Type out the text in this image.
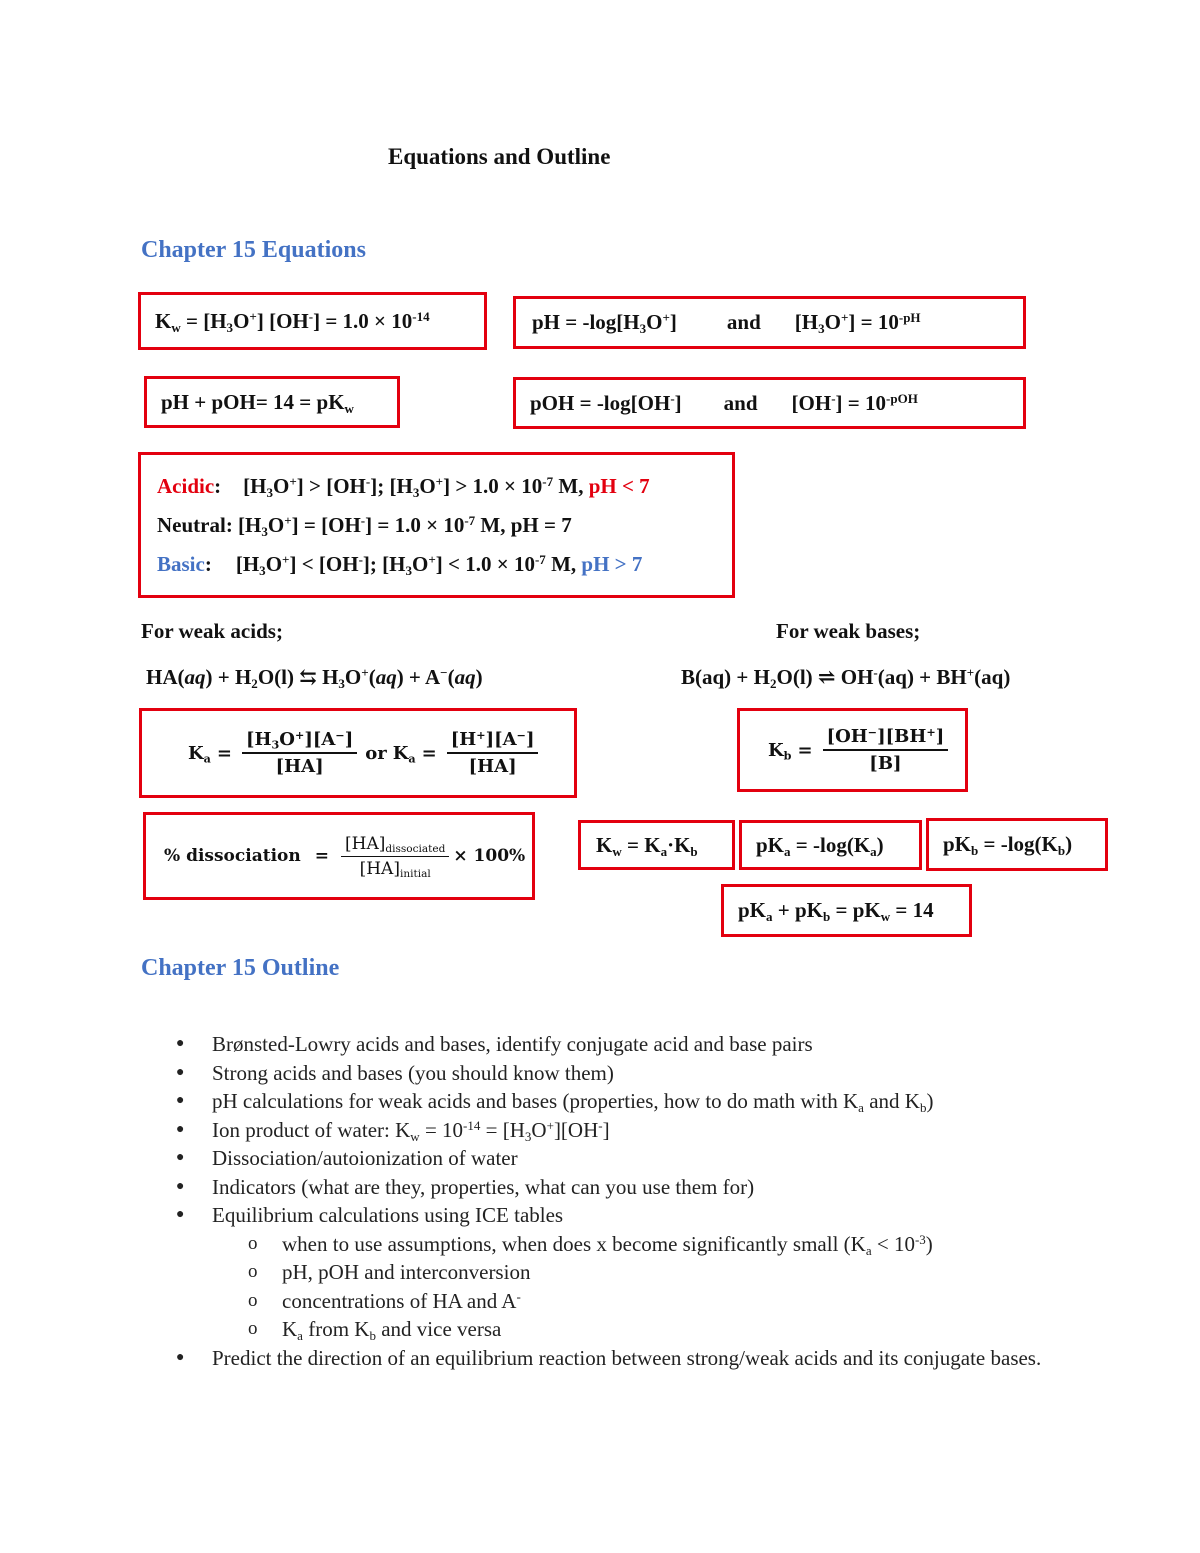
Equations and Outline
Chapter 15 Equations
$K_w = [H_3O^+] [OH^-] = 1.0 \times 10^{-14}$	pH = $-\log[H_3O^+]$ and $[H_3O^+] = 10^{-pH}$
pH + $pOH= 14 = pK_w$	pOH = -log[OH-] and $[OH^-] = 10^{-pOH}$
Acidic: $[H_3O^+] > [OH^-]$; $[H_3O^+] > 1.0 \times 10^{-7}$ M, pH < 7
Neutral: $[H_3O^+] = [OH^-] = 1.0 \times 10^{-7}$ M, pH = 7
Basic: $[H_3O^+] < [OH^-]$; $[H_3O^+] < 1.0 \times 10^{-7}$ M, pH > 7
For weak acids;	For weak bases;
$HA(aq) + H_2O(l)$ ⇆ $H_3O^+(aq) + A^-(aq)$	$B(aq) + H_2O(l)$ ⇌ OH-(aq) + BH+(aq)
$K_a = \frac{[H_3O^+][A^-]}{[HA]}$ or $K_a = \frac{[H^+][A^-]}{[HA]}$	$K_b = \frac{[OH^-][BH^+]}{[B]}$
% dissociation = $\frac{[HA]_{dissociated}}{[HA]_{initial}} \times 100\%$	$K_w = K_a\cdot K_b$	$pK_a = -\log(K_a)$	$pK_b = -\log(K_b)$
$pK_a + pK_b = pK_w = 14$
Chapter 15 Outline
● Brønsted-Lowry acids and bases, identify conjugate acid and base pairs
● Strong acids and bases (you should know them)
● pH calculations for weak acids and bases (properties, how to do math with $K_a$ and $K_b$)
● Ion product of water: $K_w = 10^{-14} = [H_3O^+][OH^-]$
● Dissociation/autoionization of water
● Indicators (what are they, properties, what can you use them for)
● Equilibrium calculations using ICE tables
o when to use assumptions, when does x become significantly small $(K_a < 10^{-3})$
o pH, pOH and interconversion
o concentrations of HA and A-
o $K_a$ from $K_b$ and vice versa
● Predict the direction of an equilibrium reaction between strong/weak acids and its conjugate bases.
